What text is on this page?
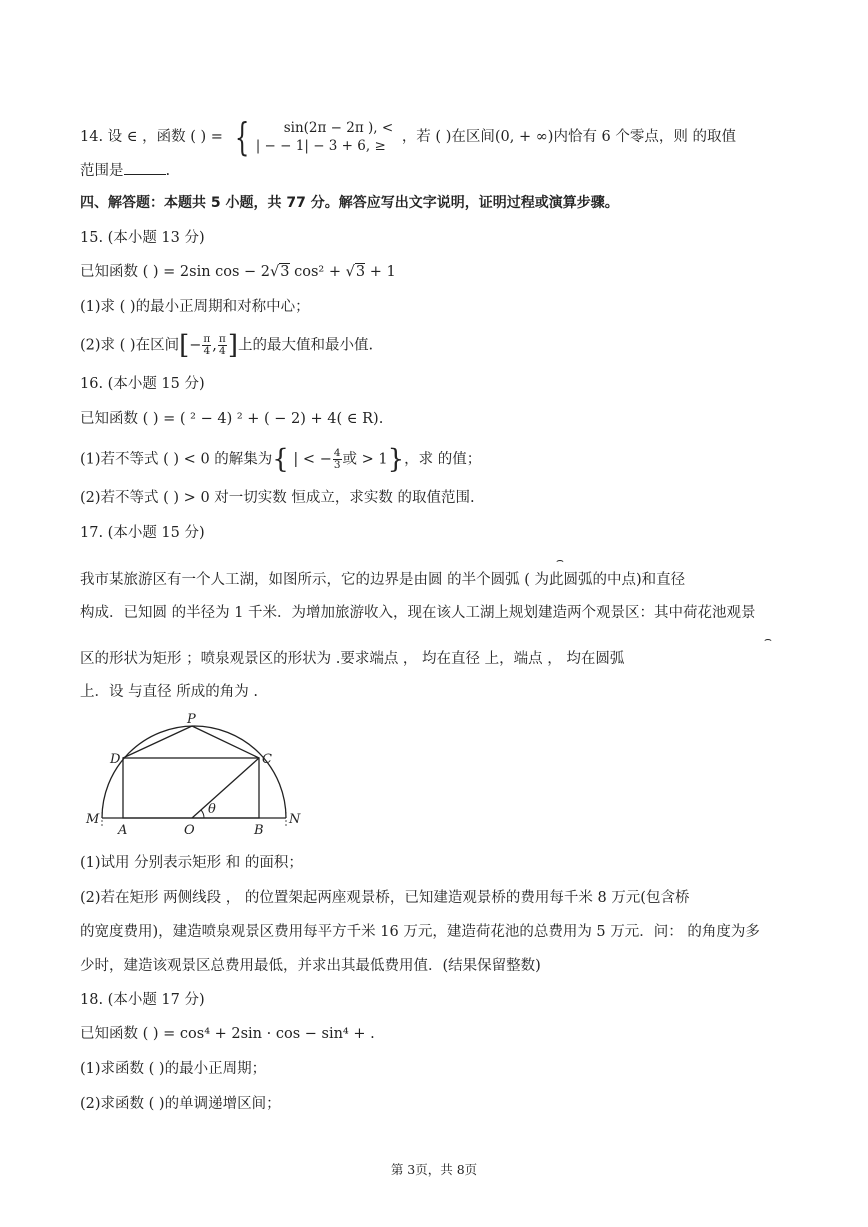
14. 设 ∈ ，函数 ( ) = {	sin(2π − 2π ), <
| − − 1| − 3 + 6, ≥
，若 ( )在区间(0, + ∞)内恰有 6 个零点，则 的取值
范围是	.
四、解答题：本题共 5 小题，共 77 分。解答应写出文字说明，证明过程或演算步骤。
15. (本小题 13 分)
已知函数 ( ) = 2sin cos − 2√3 cos² + √3 + 1
(1)求 ( )的最小正周期和对称中心；
(2)求 ( )在区间[− $\frac{\pi}{4}$ , $\frac{\pi}{4}$ ]上的最大值和最小值.
16. (本小题 15 分)
已知函数 ( ) = ( ² − 4) ² + ( − 2) + 4( ∈ R).
(1)若不等式 ( ) < 0 的解集为{ | < − $\frac{4}{3}$ 或 > 1}，求 的值；
(2)若不等式 ( ) > 0 对一切实数 恒成立，求实数 的取值范围.
17. (本小题 15 分)
⌢
我市某旅游区有一个人工湖，如图所示，它的边界是由圆 的半个圆弧 ( 为此圆弧的中点)和直径
构成．已知圆 的半径为 1 千米．为增加旅游收入，现在该人工湖上规划建造两个观景区：其中荷花池观景
⌢
区的形状为矩形 ；喷泉观景区的形状为 .要求端点 ， 均在直径 上，端点 ， 均在圆弧
上．设 与直径 所成的角为 .
P
D	C
M
A	O	B
N
θ
(1)试用 分别表示矩形 和 的面积；
(2)若在矩形 两侧线段 ， 的位置架起两座观景桥，已知建造观景桥的费用每千米 8 万元(包含桥
的宽度费用)，建造喷泉观景区费用每平方千米 16 万元，建造荷花池的总费用为 5 万元．问： 的角度为多
少时，建造该观景区总费用最低，并求出其最低费用值．(结果保留整数)
18. (本小题 17 分)
已知函数 ( ) = cos⁴ + 2sin · cos − sin⁴ + .
(1)求函数 ( )的最小正周期；
(2)求函数 ( )的单调递增区间；
第 3页，共 8页
